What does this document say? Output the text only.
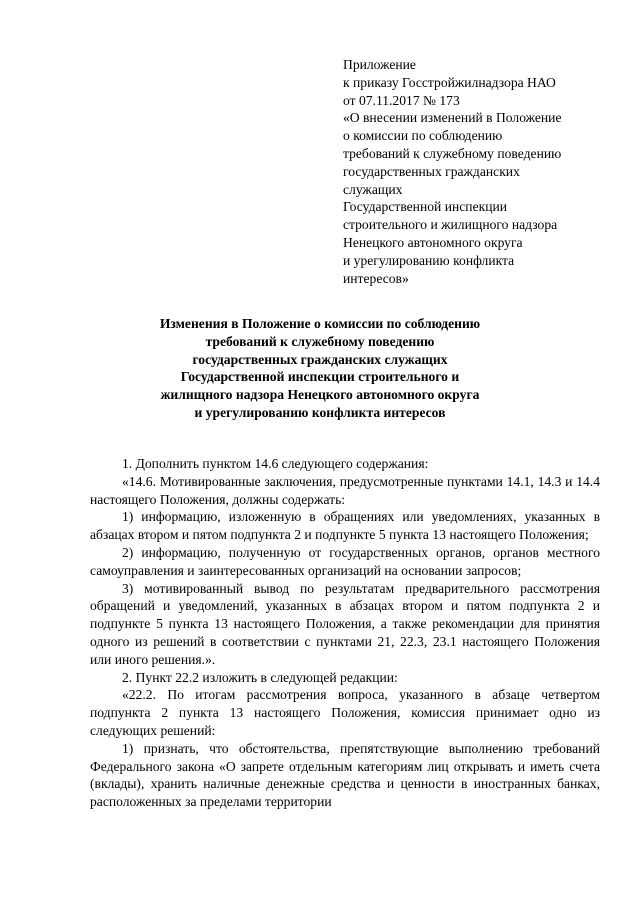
Приложение
к приказу Госстройжилнадзора НАО
от 07.11.2017 № 173
«О внесении изменений в Положение
о комиссии по соблюдению
требований к служебному поведению
государственных гражданских
служащих
Государственной инспекции
строительного и жилищного надзора
Ненецкого автономного округа
и урегулированию конфликта
интересов»
Изменения в Положение о комиссии по соблюдению
требований к служебному поведению
государственных гражданских служащих
Государственной инспекции строительного и
жилищного надзора Ненецкого автономного округа
и урегулированию конфликта интересов

1. Дополнить пунктом 14.6 следующего содержания:

«14.6. Мотивированные заключения, предусмотренные пунктами 14.1, 14.3 и 14.4 настоящего Положения, должны содержать:

1) информацию, изложенную в обращениях или уведомлениях, указанных в абзацах втором и пятом подпункта 2 и подпункте 5 пункта 13 настоящего Положения;

2) информацию, полученную от государственных органов, органов местного самоуправления и заинтересованных организаций на основании запросов;

3) мотивированный вывод по результатам предварительного рассмотрения обращений и уведомлений, указанных в абзацах втором и пятом подпункта 2 и подпункте 5 пункта 13 настоящего Положения, а также рекомендации для принятия одного из решений в соответствии с пунктами 21, 22.3, 23.1 настоящего Положения или иного решения.».

2. Пункт 22.2 изложить в следующей редакции:

«22.2. По итогам рассмотрения вопроса, указанного в абзаце четвертом подпункта 2 пункта 13 настоящего Положения, комиссия принимает одно из следующих решений:

1) признать, что обстоятельства, препятствующие выполнению требований Федерального закона «О запрете отдельным категориям лиц открывать и иметь счета (вклады), хранить наличные денежные средства и ценности в иностранных банках, расположенных за пределами территории
